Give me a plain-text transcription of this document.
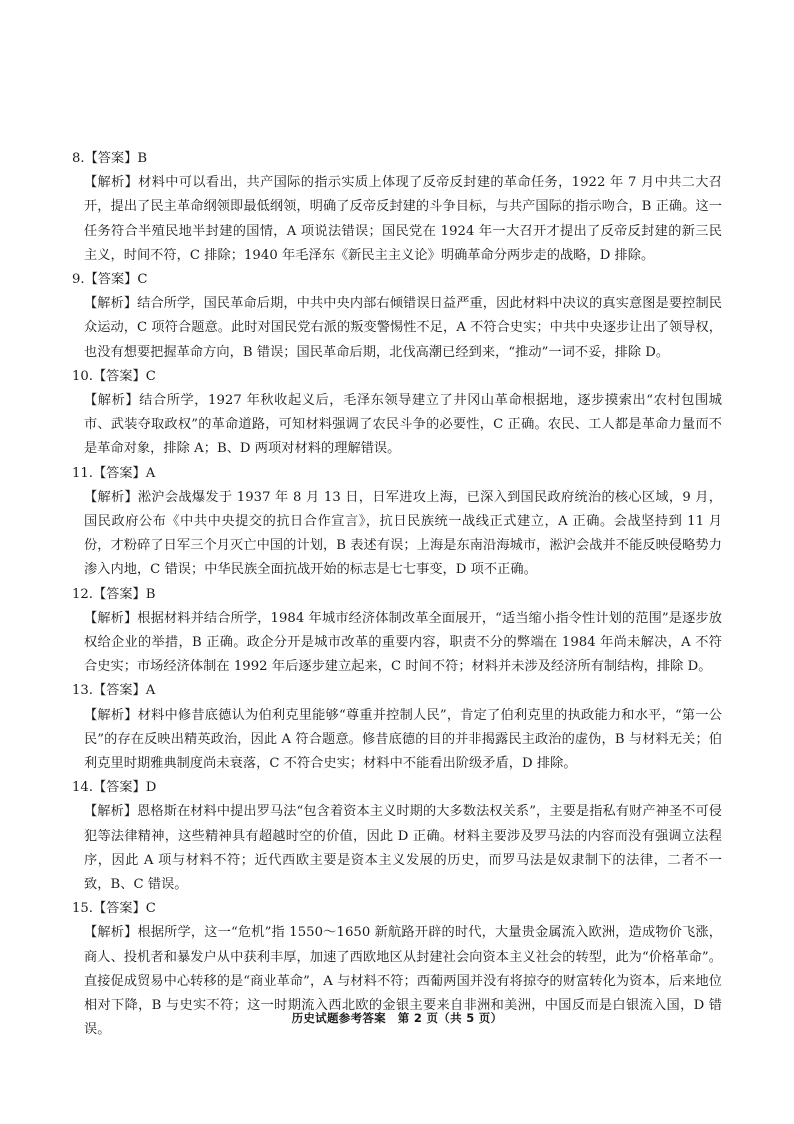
8.【答案】B

【解析】材料中可以看出，共产国际的指示实质上体现了反帝反封建的革命任务，1922 年 7 月中共二大召开，提出了民主革命纲领即最低纲领，明确了反帝反封建的斗争目标，与共产国际的指示吻合，B 正确。这一任务符合半殖民地半封建的国情，A 项说法错误；国民党在 1924 年一大召开才提出了反帝反封建的新三民主义，时间不符，C 排除；1940 年毛泽东《新民主主义论》明确革命分两步走的战略，D 排除。

9.【答案】C

【解析】结合所学，国民革命后期，中共中央内部右倾错误日益严重，因此材料中决议的真实意图是要控制民众运动，C 项符合题意。此时对国民党右派的叛变警惕性不足，A 不符合史实；中共中央逐步让出了领导权，也没有想要把握革命方向，B 错误；国民革命后期，北伐高潮已经到来，“推动”一词不妥，排除 D。

10.【答案】C

【解析】结合所学，1927 年秋收起义后，毛泽东领导建立了井冈山革命根据地，逐步摸索出“农村包围城市、武装夺取政权”的革命道路，可知材料强调了农民斗争的必要性，C 正确。农民、工人都是革命力量而不是革命对象，排除 A；B、D 两项对材料的理解错误。

11.【答案】A

【解析】淞沪会战爆发于 1937 年 8 月 13 日，日军进攻上海，已深入到国民政府统治的核心区域，9 月，国民政府公布《中共中央提交的抗日合作宣言》，抗日民族统一战线正式建立，A 正确。会战坚持到 11 月份，才粉碎了日军三个月灭亡中国的计划，B 表述有误；上海是东南沿海城市，淞沪会战并不能反映侵略势力渗入内地，C 错误；中华民族全面抗战开始的标志是七七事变，D 项不正确。

12.【答案】B

【解析】根据材料并结合所学，1984 年城市经济体制改革全面展开，“适当缩小指令性计划的范围”是逐步放权给企业的举措，B 正确。政企分开是城市改革的重要内容，职责不分的弊端在 1984 年尚未解决，A 不符合史实；市场经济体制在 1992 年后逐步建立起来，C 时间不符；材料并未涉及经济所有制结构，排除 D。

13.【答案】A

【解析】材料中修昔底德认为伯利克里能够“尊重并控制人民”，肯定了伯利克里的执政能力和水平，“第一公民”的存在反映出精英政治，因此 A 符合题意。修昔底德的目的并非揭露民主政治的虚伪，B 与材料无关；伯利克里时期雅典制度尚未衰落，C 不符合史实；材料中不能看出阶级矛盾，D 排除。

14.【答案】D

【解析】恩格斯在材料中提出罗马法“包含着资本主义时期的大多数法权关系”，主要是指私有财产神圣不可侵犯等法律精神，这些精神具有超越时空的价值，因此 D 正确。材料主要涉及罗马法的内容而没有强调立法程序，因此 A 项与材料不符；近代西欧主要是资本主义发展的历史，而罗马法是奴隶制下的法律，二者不一致，B、C 错误。

15.【答案】C

【解析】根据所学，这一“危机”指 1550～1650 新航路开辟的时代，大量贵金属流入欧洲，造成物价飞涨，商人、投机者和暴发户从中获利丰厚，加速了西欧地区从封建社会向资本主义社会的转型，此为“价格革命”。直接促成贸易中心转移的是“商业革命”，A 与材料不符；西葡两国并没有将掠夺的财富转化为资本，后来地位相对下降，B 与史实不符；这一时期流入西北欧的金银主要来自非洲和美洲，中国反而是白银流入国，D 错误。

历史试题参考答案　第 2 页（共 5 页）
